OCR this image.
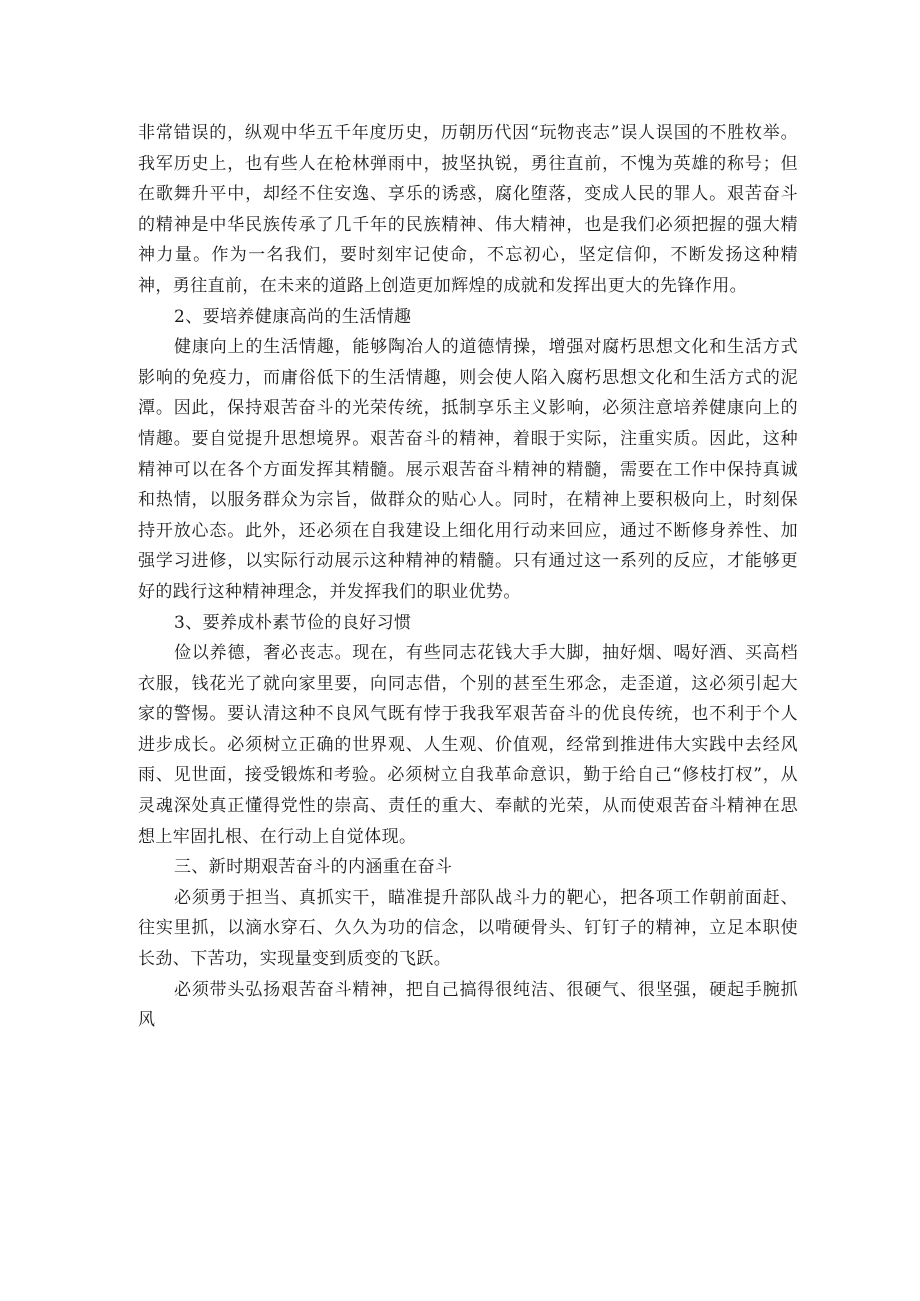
非常错误的，纵观中华五千年度历史，历朝历代因“玩物丧志”误人误国的不胜枚举。我军历史上，也有些人在枪林弹雨中，披坚执锐，勇往直前，不愧为英雄的称号；但在歌舞升平中，却经不住安逸、享乐的诱惑，腐化堕落，变成人民的罪人。艰苦奋斗的精神是中华民族传承了几千年的民族精神、伟大精神，也是我们必须把握的强大精神力量。作为一名我们，要时刻牢记使命，不忘初心，坚定信仰，不断发扬这种精神，勇往直前，在未来的道路上创造更加辉煌的成就和发挥出更大的先锋作用。

2、要培养健康高尚的生活情趣

健康向上的生活情趣，能够陶冶人的道德情操，增强对腐朽思想文化和生活方式影响的免疫力，而庸俗低下的生活情趣，则会使人陷入腐朽思想文化和生活方式的泥潭。因此，保持艰苦奋斗的光荣传统，抵制享乐主义影响，必须注意培养健康向上的情趣。要自觉提升思想境界。艰苦奋斗的精神，着眼于实际，注重实质。因此，这种精神可以在各个方面发挥其精髓。展示艰苦奋斗精神的精髓，需要在工作中保持真诚和热情，以服务群众为宗旨，做群众的贴心人。同时，在精神上要积极向上，时刻保持开放心态。此外，还必须在自我建设上细化用行动来回应，通过不断修身养性、加强学习进修，以实际行动展示这种精神的精髓。只有通过这一系列的反应，才能够更好的践行这种精神理念，并发挥我们的职业优势。

3、要养成朴素节俭的良好习惯

俭以养德，奢必丧志。现在，有些同志花钱大手大脚，抽好烟、喝好酒、买高档衣服，钱花光了就向家里要，向同志借，个别的甚至生邪念，走歪道，这必须引起大家的警惕。要认清这种不良风气既有悖于我我军艰苦奋斗的优良传统，也不利于个人进步成长。必须树立正确的世界观、人生观、价值观，经常到推进伟大实践中去经风雨、见世面，接受锻炼和考验。必须树立自我革命意识，勤于给自己“修枝打杈”，从灵魂深处真正懂得党性的崇高、责任的重大、奉献的光荣，从而使艰苦奋斗精神在思想上牢固扎根、在行动上自觉体现。

三、新时期艰苦奋斗的内涵重在奋斗

必须勇于担当、真抓实干，瞄准提升部队战斗力的靶心，把各项工作朝前面赶、往实里抓，以滴水穿石、久久为功的信念，以啃硬骨头、钉钉子的精神，立足本职使长劲、下苦功，实现量变到质变的飞跃。

必须带头弘扬艰苦奋斗精神，把自己搞得很纯洁、很硬气、很坚强，硬起手腕抓风
